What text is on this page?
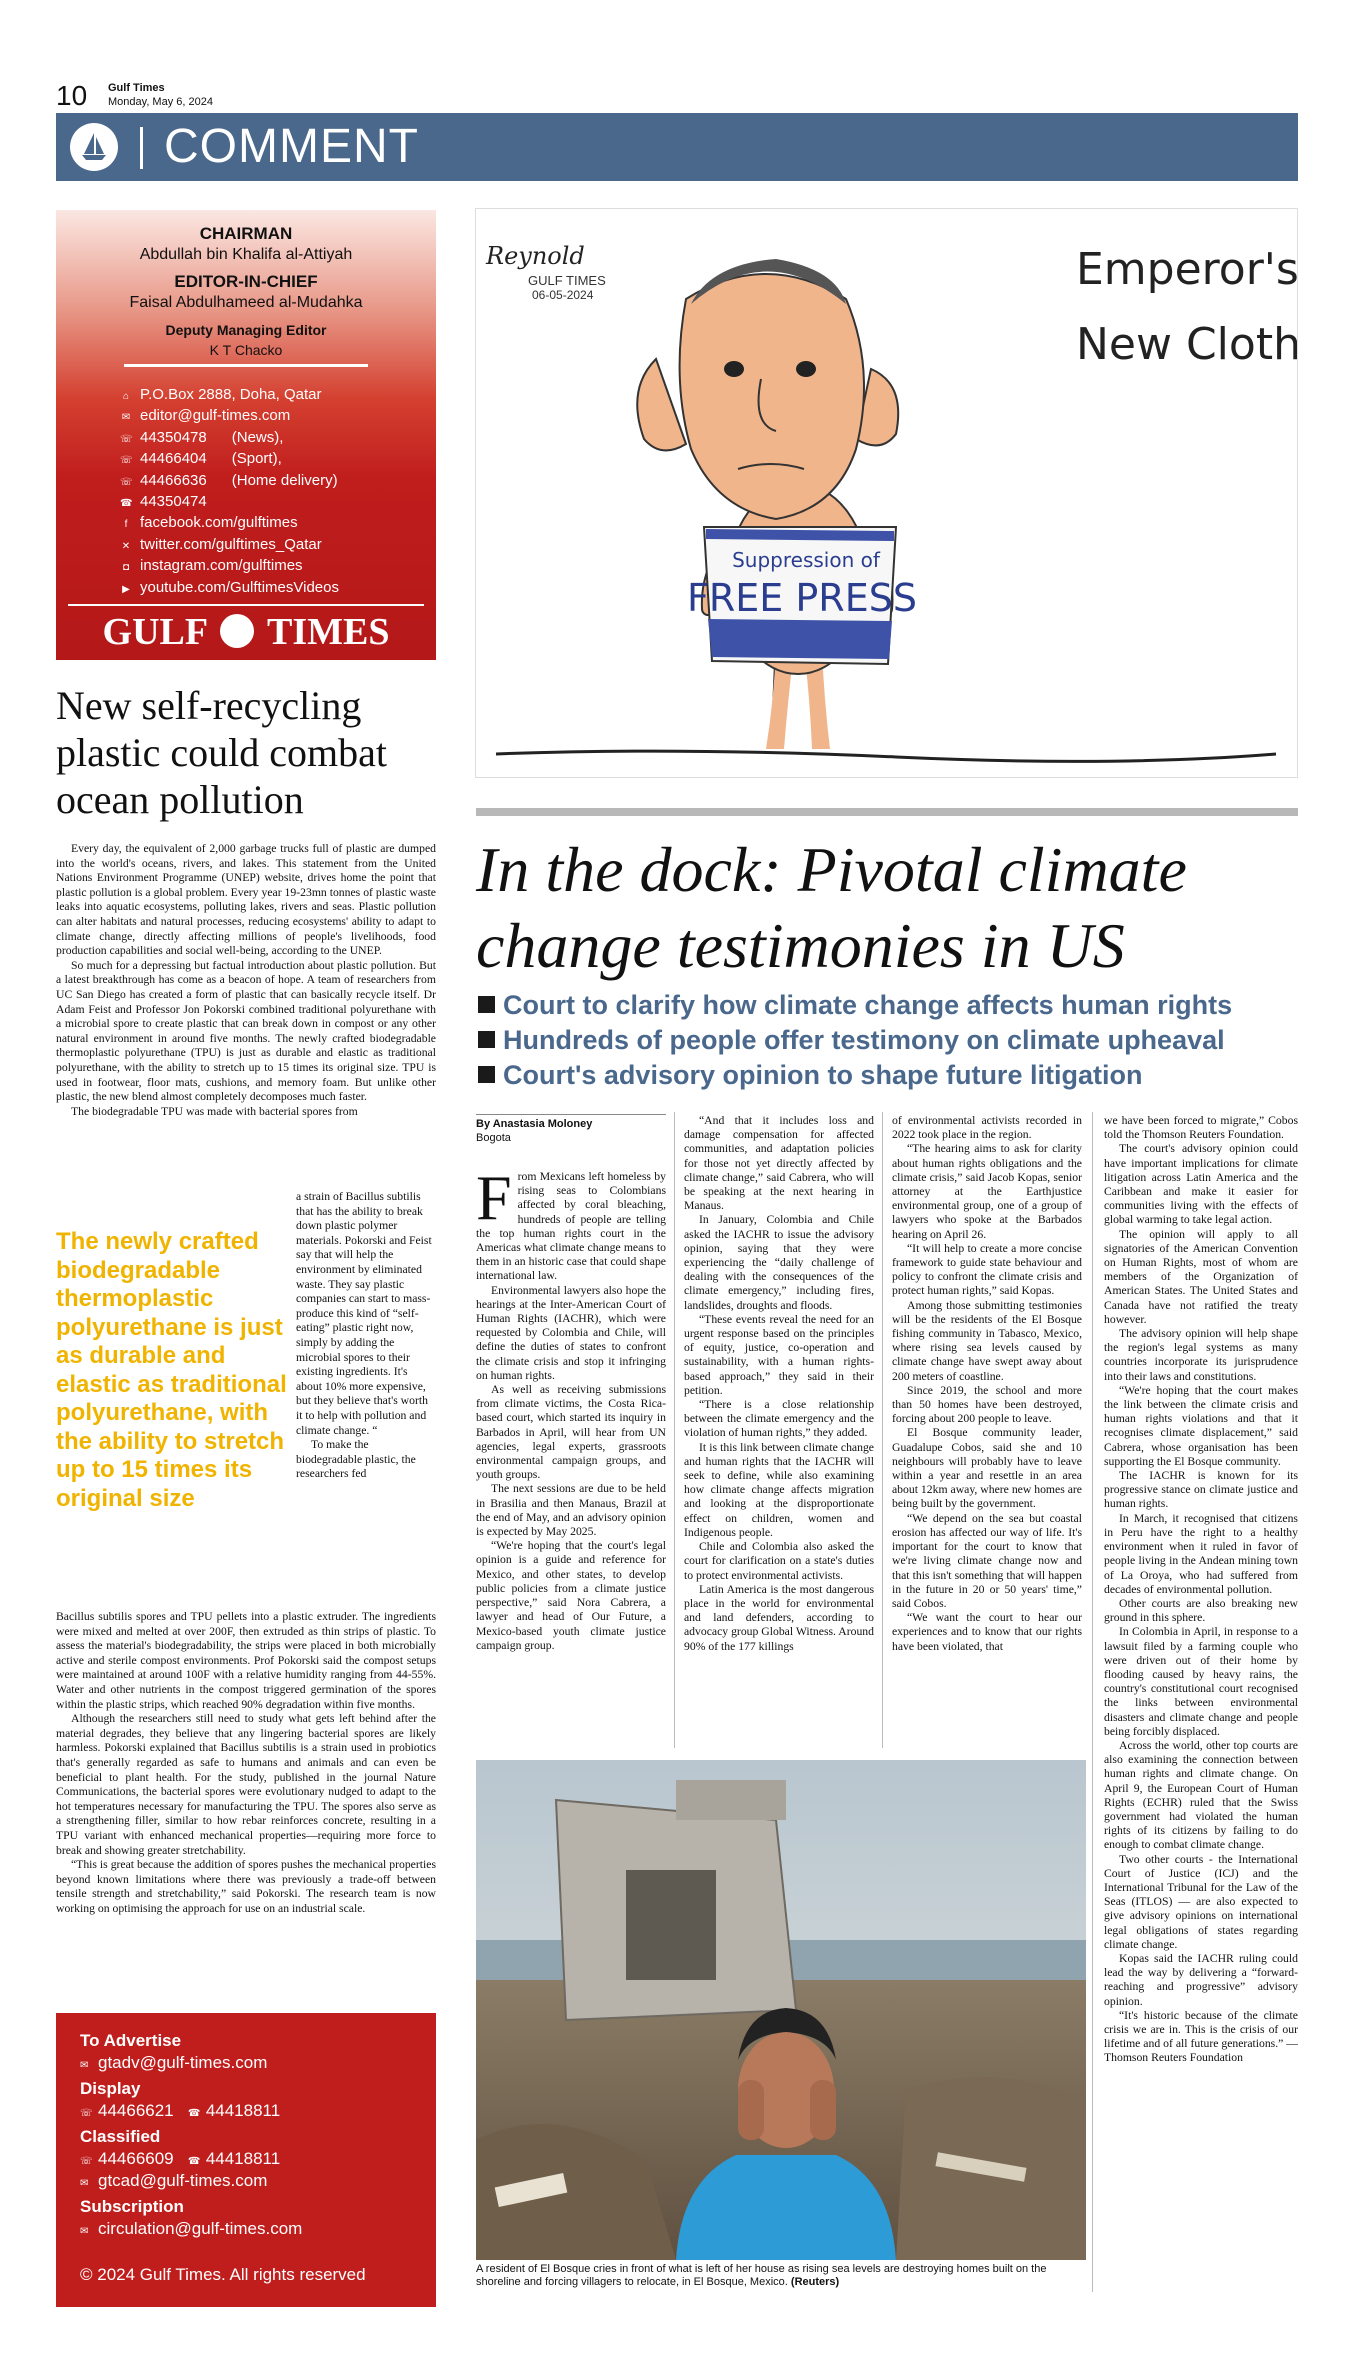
10 Gulf Times
Monday, May 6, 2024
COMMENT
CHAIRMAN
Abdullah bin Khalifa al-Attiyah
EDITOR-IN-CHIEF
Faisal Abdulhameed al-Mudahka
Deputy Managing Editor
K T Chacko
⌂ P.O.Box 2888, Doha, Qatar
✉ editor@gulf-times.com
☏ 44350478      (News),
☏ 44466404      (Sport),
☏ 44466636      (Home delivery)
☎ 44350474
f facebook.com/gulftimes
✕ twitter.com/gulftimes_Qatar
◘ instagram.com/gulftimes
▶ youtube.com/GulftimesVideos
GULF TIMES
New self-recycling plastic could combat ocean pollution

Every day, the equivalent of 2,000 garbage trucks full of plastic are dumped into the world's oceans, rivers, and lakes. This statement from the United Nations Environment Programme (UNEP) website, drives home the point that plastic pollution is a global problem. Every year 19-23mn tonnes of plastic waste leaks into aquatic ecosystems, polluting lakes, rivers and seas. Plastic pollution can alter habitats and natural processes, reducing ecosystems' ability to adapt to climate change, directly affecting millions of people's livelihoods, food production capabilities and social well-being, according to the UNEP.

So much for a depressing but factual introduction about plastic pollution. But a latest breakthrough has come as a beacon of hope. A team of researchers from UC San Diego has created a form of plastic that can basically recycle itself. Dr Adam Feist and Professor Jon Pokorski combined traditional polyurethane with a microbial spore to create plastic that can break down in compost or any other natural environment in around five months. The newly crafted biodegradable thermoplastic polyurethane (TPU) is just as durable and elastic as traditional polyurethane, with the ability to stretch up to 15 times its original size. TPU is used in footwear, floor mats, cushions, and memory foam. But unlike other plastic, the new blend almost completely decomposes much faster.

The biodegradable TPU was made with bacterial spores from

a strain of Bacillus subtilis that has the ability to break down plastic polymer materials. Pokorski and Feist say that will help the environment by eliminated waste. They say plastic companies can start to mass-produce this kind of “self-eating” plastic right now, simply by adding the microbial spores to their existing ingredients. It's about 10% more expensive, but they believe that's worth it to help with pollution and climate change. “

To make the biodegradable plastic, the researchers fed

The newly crafted biodegradable thermoplastic polyurethane is just as durable and elastic as traditional polyurethane, with the ability to stretch up to 15 times its original size

Bacillus subtilis spores and TPU pellets into a plastic extruder. The ingredients were mixed and melted at over 200F, then extruded as thin strips of plastic. To assess the material's biodegradability, the strips were placed in both microbially active and sterile compost environments. Prof Pokorski said the compost setups were maintained at around 100F with a relative humidity ranging from 44-55%. Water and other nutrients in the compost triggered germination of the spores within the plastic strips, which reached 90% degradation within five months.

Although the researchers still need to study what gets left behind after the material degrades, they believe that any lingering bacterial spores are likely harmless. Pokorski explained that Bacillus subtilis is a strain used in probiotics that's generally regarded as safe to humans and animals and can even be beneficial to plant health. For the study, published in the journal Nature Communications, the bacterial spores were evolutionary nudged to adapt to the hot temperatures necessary for manufacturing the TPU. The spores also serve as a strengthening filler, similar to how rebar reinforces concrete, resulting in a TPU variant with enhanced mechanical properties—requiring more force to break and showing greater stretchability.

“This is great because the addition of spores pushes the mechanical properties beyond known limitations where there was previously a trade-off between tensile strength and stretchability,” said Pokorski. The research team is now working on optimising the approach for use on an industrial scale.

To Advertise
✉ gtadv@gulf-times.com
Display
☏ 44466621 ☎ 44418811
Classified
☏ 44466609 ☎ 44418811
✉ gtcad@gulf-times.com
Subscription
✉ circulation@gulf-times.com
© 2024 Gulf Times. All rights reserved
Suppression of
FREE PRESS
Reynold
GULF TIMES
06-05-2024	Emperor's
New Cloth
In the dock: Pivotal climate change testimonies in US
Court to clarify how climate change affects human rights
Hundreds of people offer testimony on climate upheaval
Court's advisory opinion to shape future litigation
By Anastasia Moloney
Bogota

From Mexicans left homeless by rising seas to Colombians affected by coral bleaching, hundreds of people are telling the top human rights court in the Americas what climate change means to them in an historic case that could shape international law.

Environmental lawyers also hope the hearings at the Inter-American Court of Human Rights (IACHR), which were requested by Colombia and Chile, will define the duties of states to confront the climate crisis and stop it infringing on human rights.

As well as receiving submissions from climate victims, the Costa Rica-based court, which started its inquiry in Barbados in April, will hear from UN agencies, legal experts, grassroots environmental campaign groups, and youth groups.

The next sessions are due to be held in Brasilia and then Manaus, Brazil at the end of May, and an advisory opinion is expected by May 2025.

“We're hoping that the court's legal opinion is a guide and reference for Mexico, and other states, to develop public policies from a climate justice perspective,” said Nora Cabrera, a lawyer and head of Our Future, a Mexico-based youth climate justice campaign group.

“And that it includes loss and damage compensation for affected communities, and adaptation policies for those not yet directly affected by climate change,” said Cabrera, who will be speaking at the next hearing in Manaus.

In January, Colombia and Chile asked the IACHR to issue the advisory opinion, saying that they were experiencing the “daily challenge of dealing with the consequences of the climate emergency,” including fires, landslides, droughts and floods.

“These events reveal the need for an urgent response based on the principles of equity, justice, co-operation and sustainability, with a human rights-based approach,” they said in their petition.

“There is a close relationship between the climate emergency and the violation of human rights,” they added.

It is this link between climate change and human rights that the IACHR will seek to define, while also examining how climate change affects migration and looking at the disproportionate effect on children, women and Indigenous people.

Chile and Colombia also asked the court for clarification on a state's duties to protect environmental activists.

Latin America is the most dangerous place in the world for environmental and land defenders, according to advocacy group Global Witness. Around 90% of the 177 killings

of environmental activists recorded in 2022 took place in the region.

“The hearing aims to ask for clarity about human rights obligations and the climate crisis,” said Jacob Kopas, senior attorney at the Earthjustice environmental group, one of a group of lawyers who spoke at the Barbados hearing on April 26.

“It will help to create a more concise framework to guide state behaviour and policy to confront the climate crisis and protect human rights,” said Kopas.

Among those submitting testimonies will be the residents of the El Bosque fishing community in Tabasco, Mexico, where rising sea levels caused by climate change have swept away about 200 meters of coastline.

Since 2019, the school and more than 50 homes have been destroyed, forcing about 200 people to leave.

El Bosque community leader, Guadalupe Cobos, said she and 10 neighbours will probably have to leave within a year and resettle in an area about 12km away, where new homes are being built by the government.

“We depend on the sea but coastal erosion has affected our way of life. It's important for the court to know that we're living climate change now and that this isn't something that will happen in the future in 20 or 50 years' time,” said Cobos.

“We want the court to hear our experiences and to know that our rights have been violated, that

we have been forced to migrate,” Cobos told the Thomson Reuters Foundation.

The court's advisory opinion could have important implications for climate litigation across Latin America and the Caribbean and make it easier for communities living with the effects of global warming to take legal action.

The opinion will apply to all signatories of the American Convention on Human Rights, most of whom are members of the Organization of American States. The United States and Canada have not ratified the treaty however.

The advisory opinion will help shape the region's legal systems as many countries incorporate its jurisprudence into their laws and constitutions.

“We're hoping that the court makes the link between the climate crisis and human rights violations and that it recognises climate displacement,” said Cabrera, whose organisation has been supporting the El Bosque community.

The IACHR is known for its progressive stance on climate justice and human rights.

In March, it recognised that citizens in Peru have the right to a healthy environment when it ruled in favor of people living in the Andean mining town of La Oroya, who had suffered from decades of environmental pollution.

Other courts are also breaking new ground in this sphere.

In Colombia in April, in response to a lawsuit filed by a farming couple who were driven out of their home by flooding caused by heavy rains, the country's constitutional court recognised the links between environmental disasters and climate change and people being forcibly displaced.

Across the world, other top courts are also examining the connection between human rights and climate change. On April 9, the European Court of Human Rights (ECHR) ruled that the Swiss government had violated the human rights of its citizens by failing to do enough to combat climate change.

Two other courts - the International Court of Justice (ICJ) and the International Tribunal for the Law of the Seas (ITLOS) — are also expected to give advisory opinions on international legal obligations of states regarding climate change.

Kopas said the IACHR ruling could lead the way by delivering a “forward-reaching and progressive” advisory opinion.

“It's historic because of the climate crisis we are in. This is the crisis of our lifetime and of all future generations.” — Thomson Reuters Foundation

A resident of El Bosque cries in front of what is left of her house as rising sea levels are destroying homes built on the shoreline and forcing villagers to relocate, in El Bosque, Mexico. (Reuters)
